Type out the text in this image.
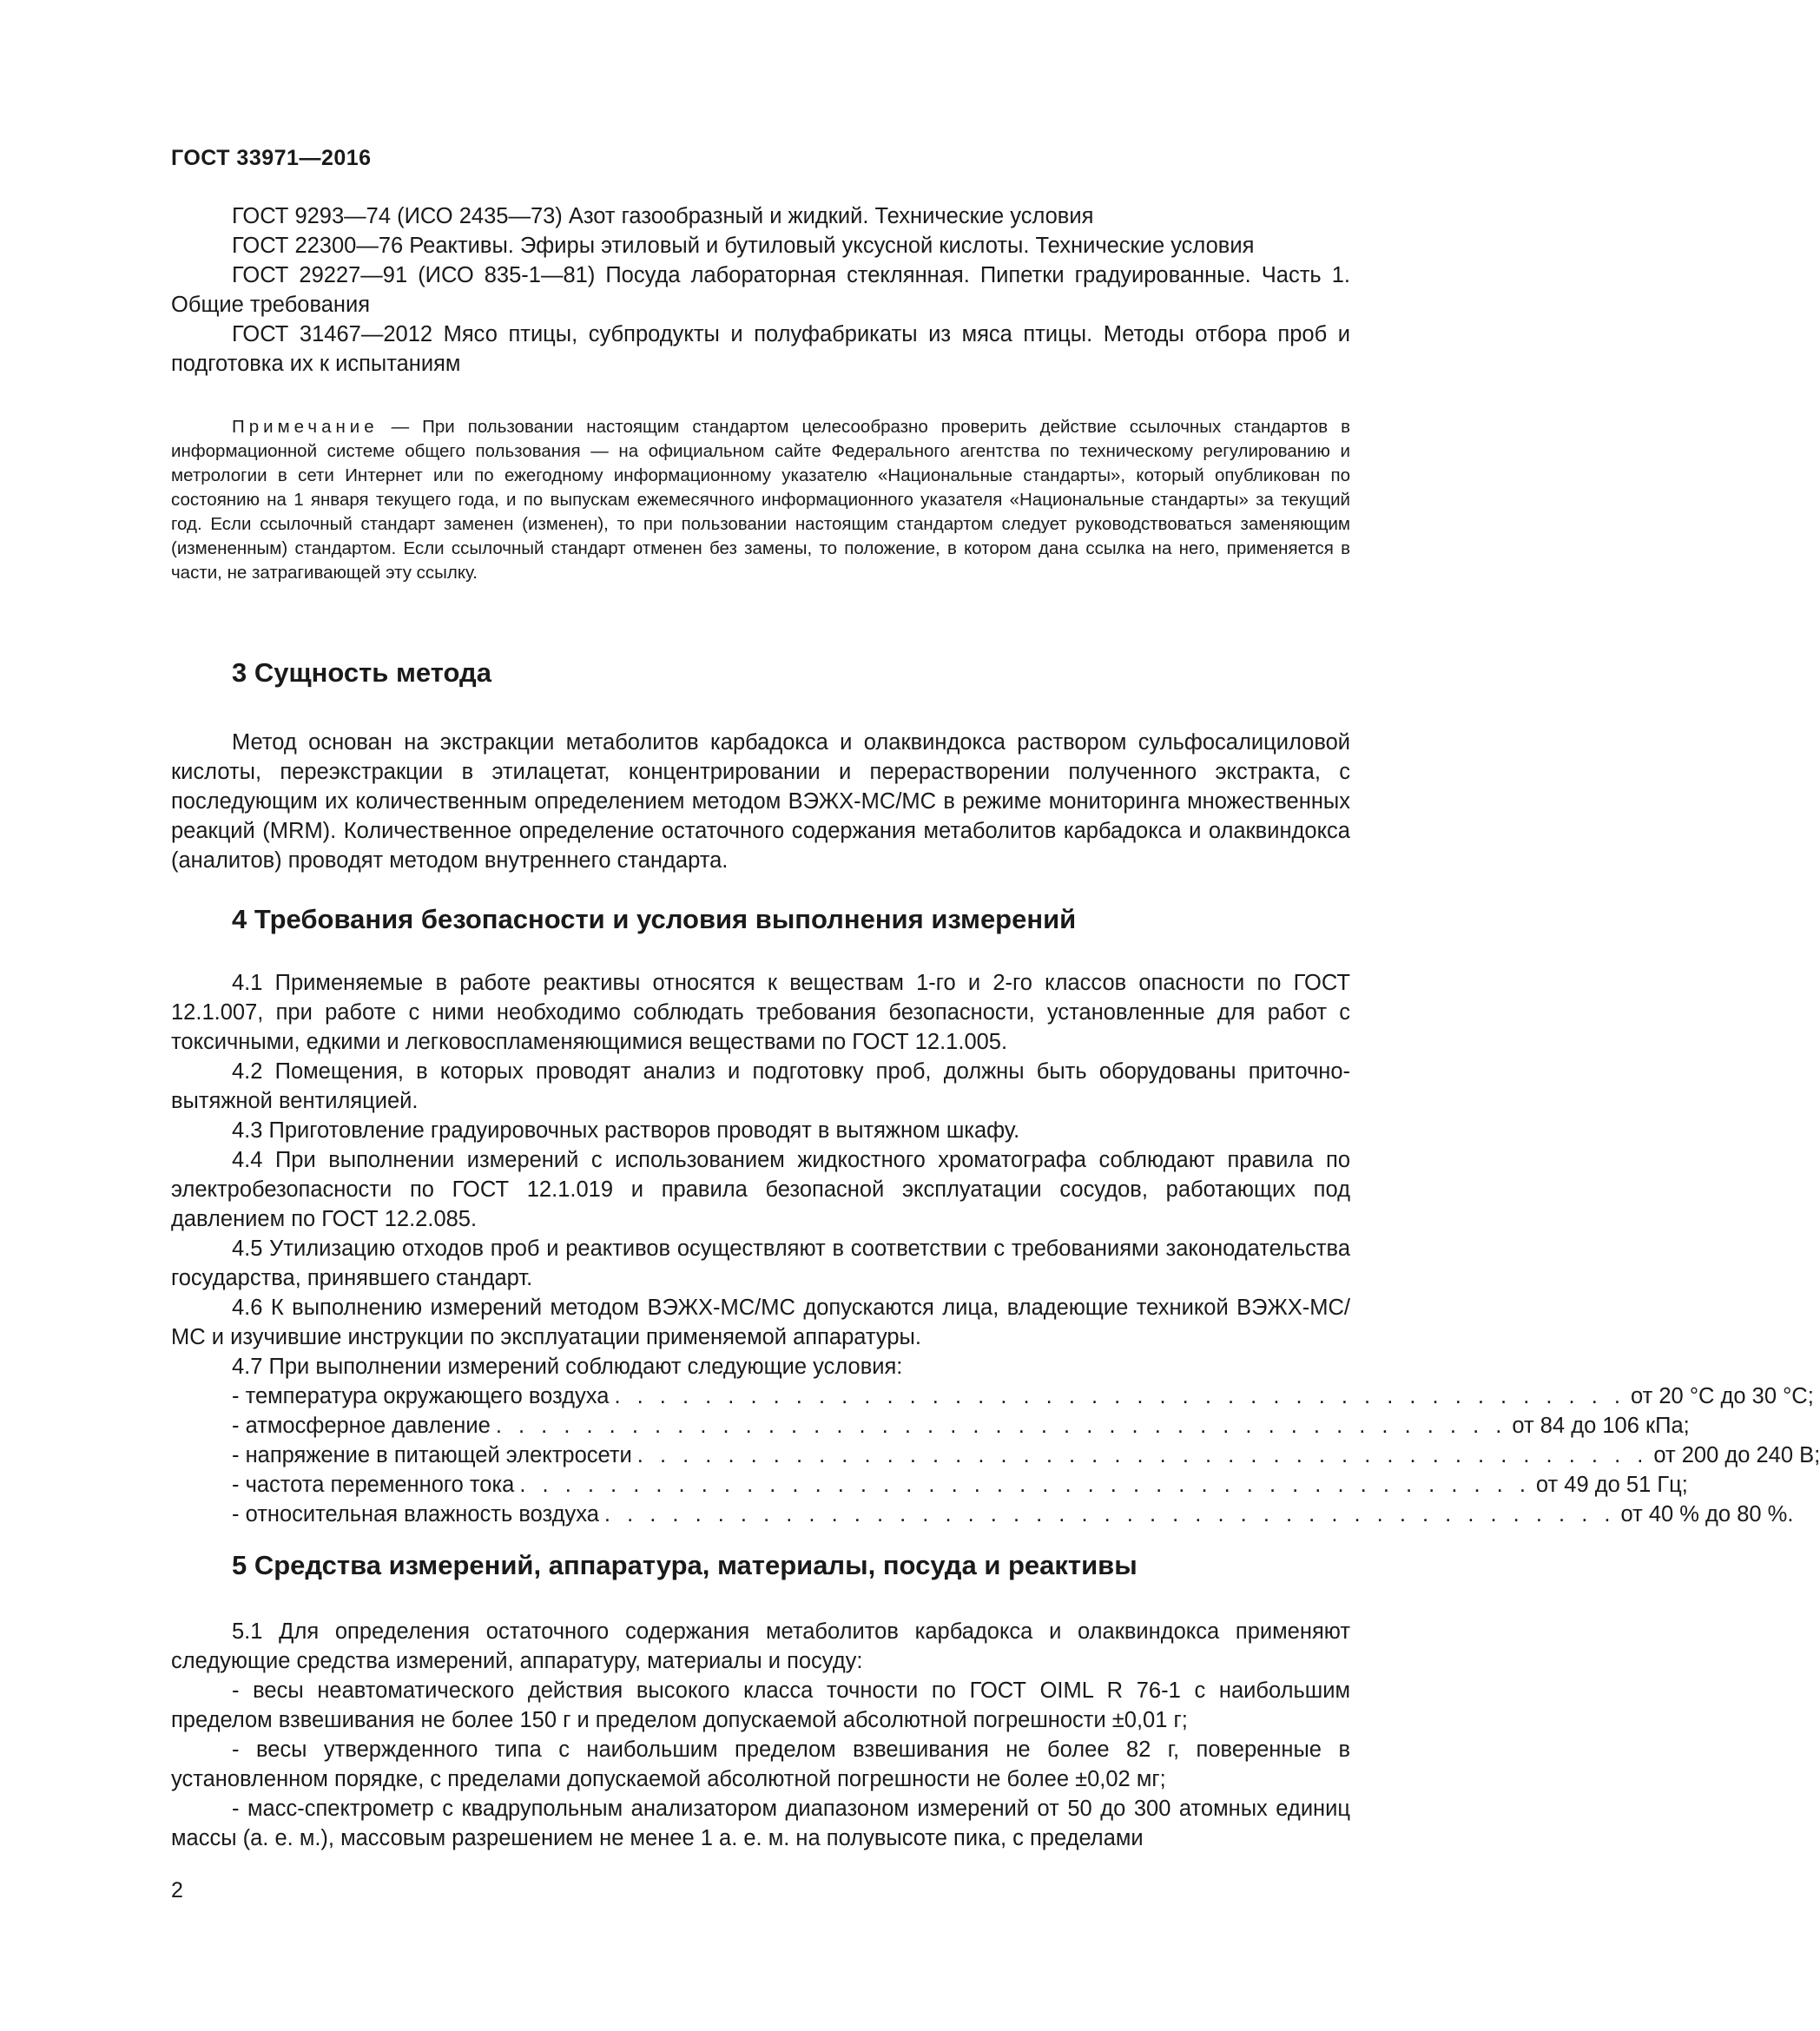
ГОСТ 33971—2016

ГОСТ 9293—74 (ИСО 2435—73) Азот газообразный и жидкий. Технические условия

ГОСТ 22300—76 Реактивы. Эфиры этиловый и бутиловый уксусной кислоты. Технические условия

ГОСТ 29227—91 (ИСО 835-1—81) Посуда лабораторная стеклянная. Пипетки градуированные. Часть 1. Общие требования

ГОСТ 31467—2012 Мясо птицы, субпродукты и полуфабрикаты из мяса птицы. Методы отбора проб и подготовка их к испытаниям

Примечание — При пользовании настоящим стандартом целесообразно проверить действие ссылочных стандартов в информационной системе общего пользования — на официальном сайте Федерального агентства по техническому регулированию и метрологии в сети Интернет или по ежегодному информационному указателю «Национальные стандарты», который опубликован по состоянию на 1 января текущего года, и по выпускам ежемесячного информационного указателя «Национальные стандарты» за текущий год. Если ссылочный стандарт заменен (изменен), то при пользовании настоящим стандартом следует руководствоваться заменяющим (измененным) стандартом. Если ссылочный стандарт отменен без замены, то положение, в котором дана ссылка на него, применяется в части, не затрагивающей эту ссылку.

3 Сущность метода

Метод основан на экстракции метаболитов карбадокса и олаквиндокса раствором сульфосалициловой кислоты, переэкстракции в этилацетат, концентрировании и перерастворении полученного экстракта, с последующим их количественным определением методом ВЭЖХ-МС/МС в режиме мониторинга множественных реакций (MRM). Количественное определение остаточного содержания метаболитов карбадокса и олаквиндокса (аналитов) проводят методом внутреннего стандарта.

4 Требования безопасности и условия выполнения измерений

4.1 Применяемые в работе реактивы относятся к веществам 1-го и 2-го классов опасности по ГОСТ 12.1.007, при работе с ними необходимо соблюдать требования безопасности, установленные для работ с токсичными, едкими и легковоспламеняющимися веществами по ГОСТ 12.1.005.

4.2 Помещения, в которых проводят анализ и подготовку проб, должны быть оборудованы приточно-вытяжной вентиляцией.

4.3 Приготовление градуировочных растворов проводят в вытяжном шкафу.

4.4 При выполнении измерений с использованием жидкостного хроматографа соблюдают правила по электробезопасности по ГОСТ 12.1.019 и правила безопасной эксплуатации сосудов, работающих под давлением по ГОСТ 12.2.085.

4.5 Утилизацию отходов проб и реактивов осуществляют в соответствии с требованиями законодательства государства, принявшего стандарт.

4.6 К выполнению измерений методом ВЭЖХ-МС/МС допускаются лица, владеющие техникой ВЭЖХ-МС/МС и изучившие инструкции по эксплуатации применяемой аппаратуры.

4.7 При выполнении измерений соблюдают следующие условия:

- температура окружающего воздуха . . . . . . . . . . . . . . . . . . . . . . . . . . . . . . . . . . . . . . . . . . . . . от 20 °С до 30 °С;
- атмосферное давление . . . . . . . . . . . . . . . . . . . . . . . . . . . . . . . . . . . . . . . . . . . . . от 84 до 106 кПа;
- напряжение в питающей электросети . . . . . . . . . . . . . . . . . . . . . . . . . . . . . . . . . . . . . . . . . . . . . от 200 до 240 В;
- частота переменного тока . . . . . . . . . . . . . . . . . . . . . . . . . . . . . . . . . . . . . . . . . . . . . от 49 до 51 Гц;
- относительная влажность воздуха . . . . . . . . . . . . . . . . . . . . . . . . . . . . . . . . . . . . . . . . . . . . . от 40 % до 80 %.
5 Средства измерений, аппаратура, материалы, посуда и реактивы

5.1 Для определения остаточного содержания метаболитов карбадокса и олаквиндокса применяют следующие средства измерений, аппаратуру, материалы и посуду:

- весы неавтоматического действия высокого класса точности по ГОСТ OIML R 76-1 с наибольшим пределом взвешивания не более 150 г и пределом допускаемой абсолютной погрешности ±0,01 г;

- весы утвержденного типа с наибольшим пределом взвешивания не более 82 г, поверенные в установленном порядке, с пределами допускаемой абсолютной погрешности не более ±0,02 мг;

- масс-спектрометр с квадрупольным анализатором диапазоном измерений от 50 до 300 атомных единиц массы (а. е. м.), массовым разрешением не менее 1 а. е. м. на полувысоте пика, с пределами

2
